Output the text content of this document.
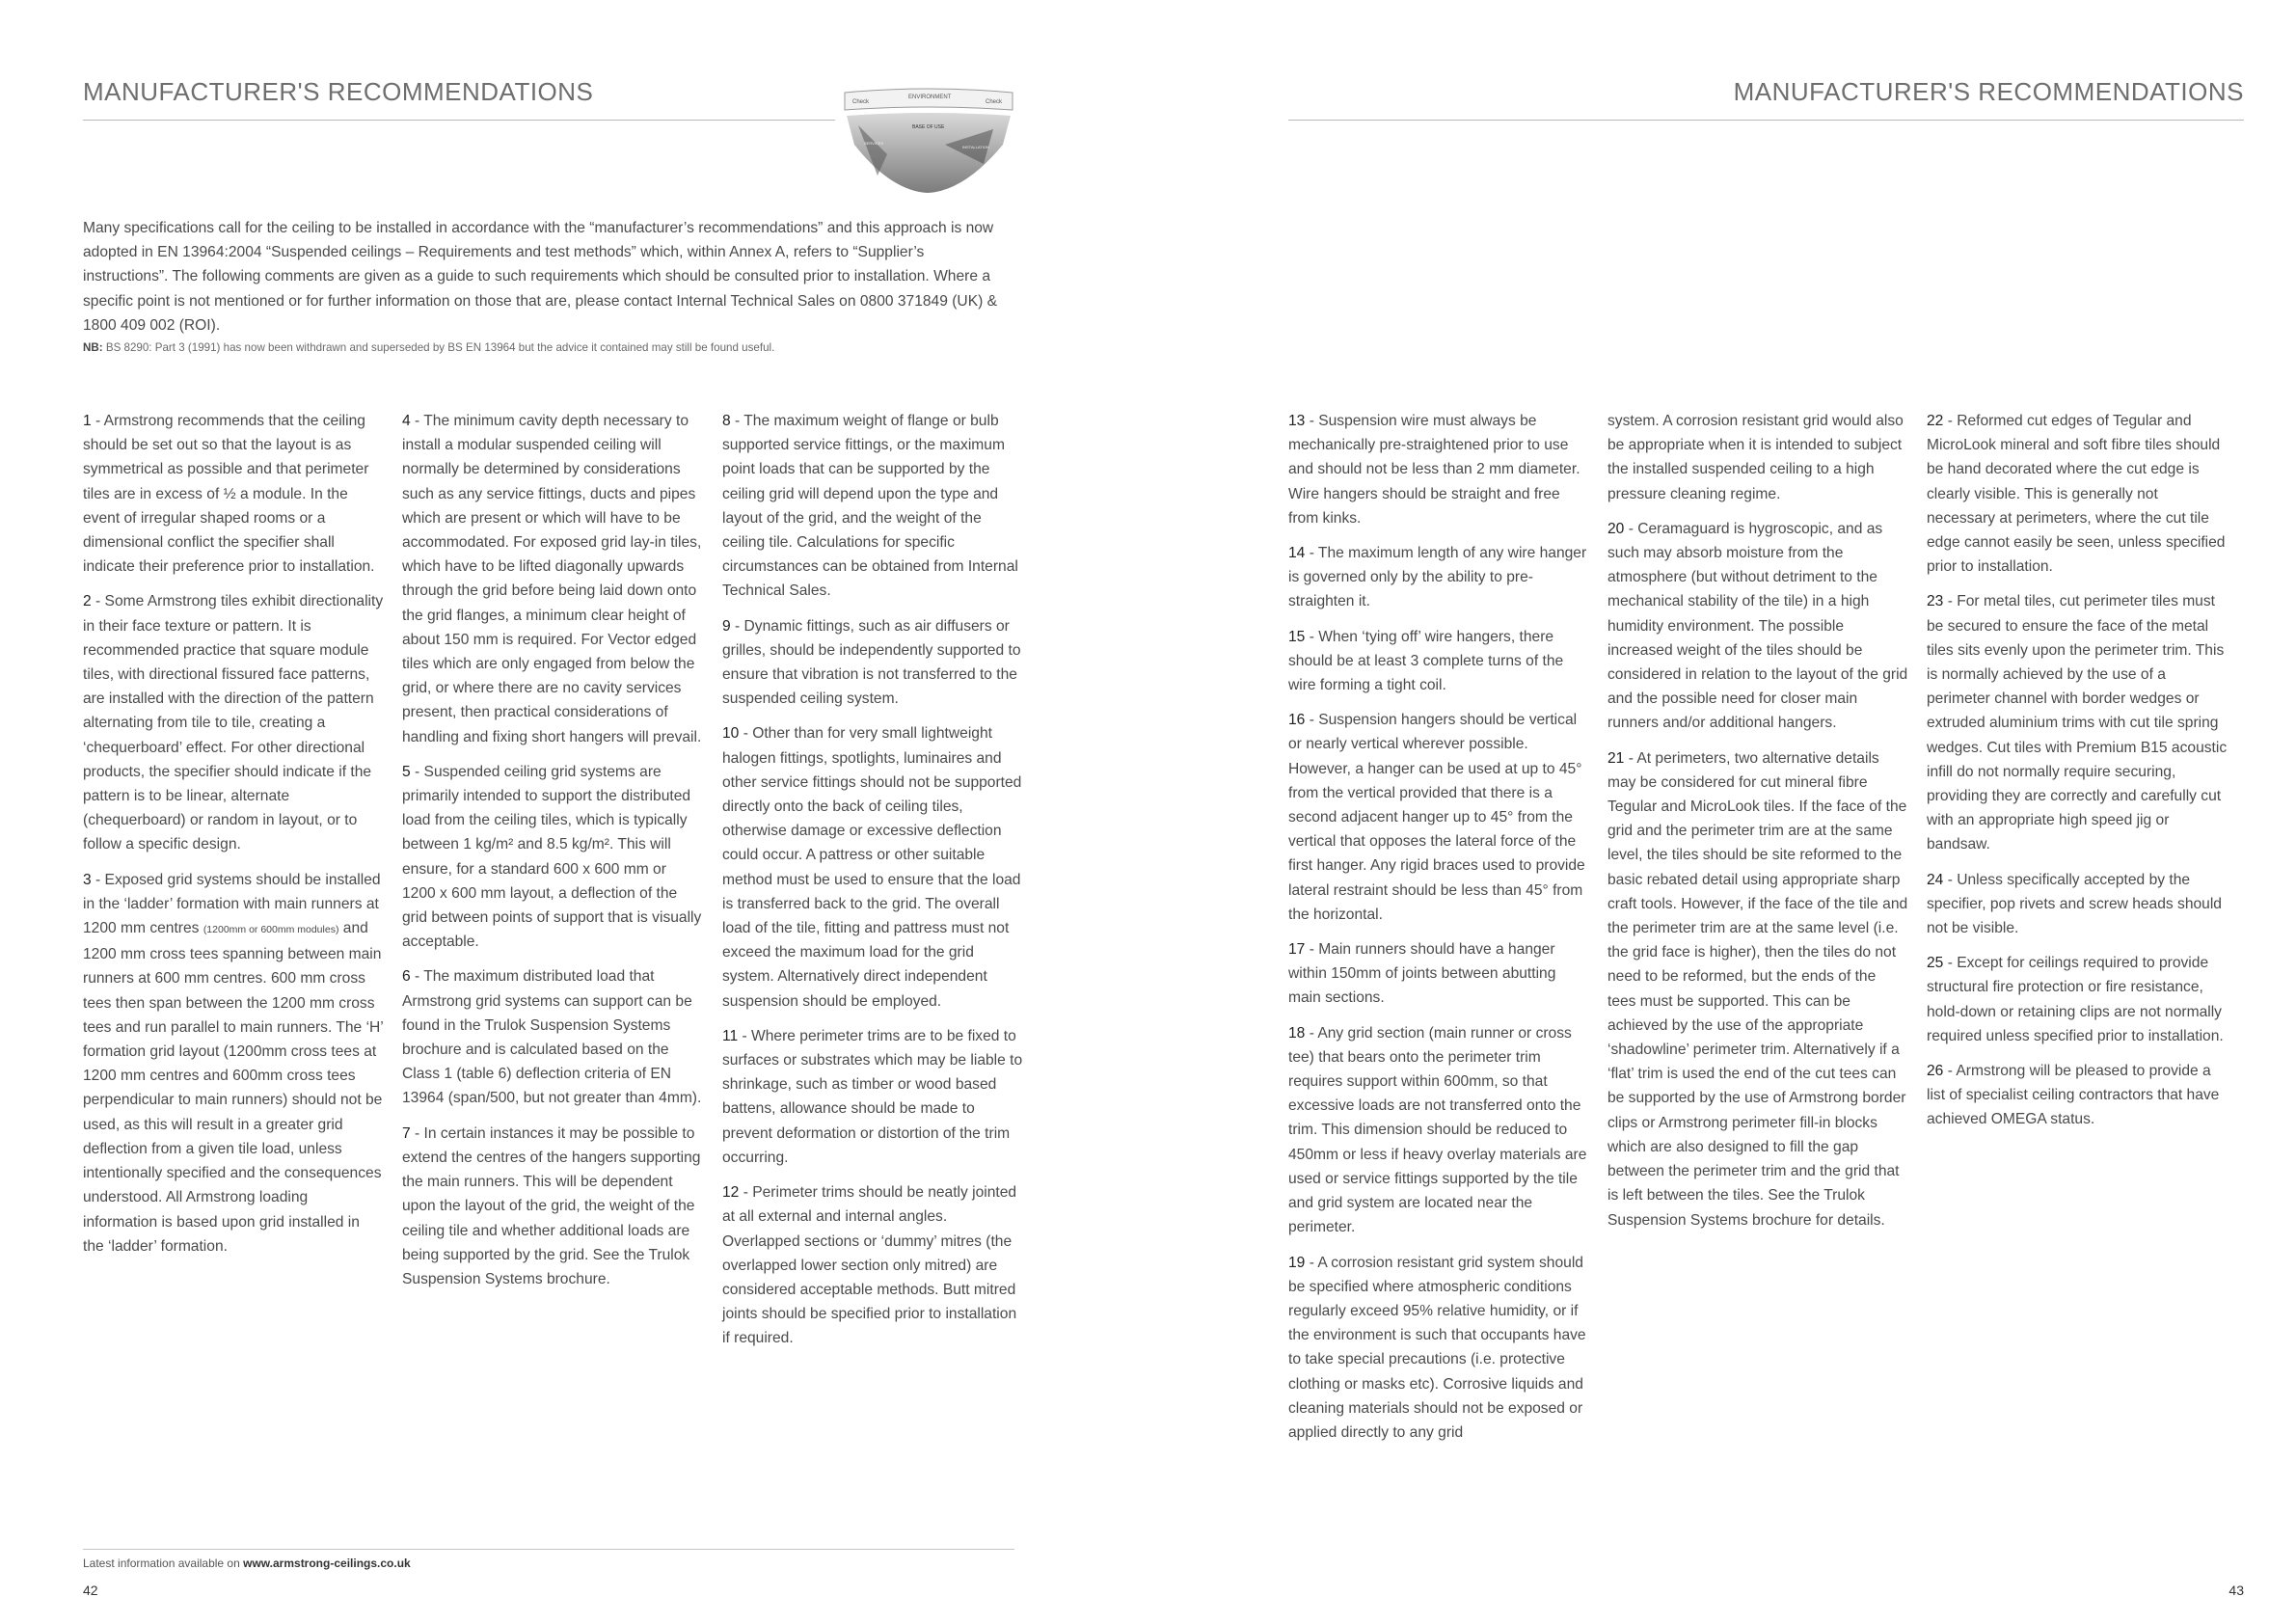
MANUFACTURER'S RECOMMENDATIONS	Check
ENVIRONMENT
Check
BASE OF USE
SERVICES
INSTALLATION

Many specifications call for the ceiling to be installed in accordance with the “manufacturer’s recommendations” and this approach is now adopted in EN 13964:2004 “Suspended ceilings – Requirements and test methods” which, within Annex A, refers to “Supplier’s instructions”. The following comments are given as a guide to such requirements which should be consulted prior to installation. Where a specific point is not mentioned or for further information on those that are, please contact Internal Technical Sales on 0800 371849 (UK) & 1800 409 002 (ROI).

NB: BS 8290: Part 3 (1991) has now been withdrawn and superseded by BS EN 13964 but the advice it contained may still be found useful.

1 - Armstrong recommends that the ceiling should be set out so that the layout is as symmetrical as possible and that perimeter tiles are in excess of ½ a module. In the event of irregular shaped rooms or a dimensional conflict the specifier shall indicate their preference prior to installation.

2 - Some Armstrong tiles exhibit directionality in their face texture or pattern. It is recommended practice that square module tiles, with directional fissured face patterns, are installed with the direction of the pattern alternating from tile to tile, creating a ‘chequerboard’ effect. For other directional products, the specifier should indicate if the pattern is to be linear, alternate (chequerboard) or random in layout, or to follow a specific design.

3 - Exposed grid systems should be installed in the ‘ladder’ formation with main runners at 1200 mm centres (1200mm or 600mm modules) and 1200 mm cross tees spanning between main runners at 600 mm centres. 600 mm cross tees then span between the 1200 mm cross tees and run parallel to main runners. The ‘H’ formation grid layout (1200mm cross tees at 1200 mm centres and 600mm cross tees perpendicular to main runners) should not be used, as this will result in a greater grid deflection from a given tile load, unless intentionally specified and the consequences understood. All Armstrong loading information is based upon grid installed in the ‘ladder’ formation.

4 - The minimum cavity depth necessary to install a modular suspended ceiling will normally be determined by considerations such as any service fittings, ducts and pipes which are present or which will have to be accommodated. For exposed grid lay-in tiles, which have to be lifted diagonally upwards through the grid before being laid down onto the grid flanges, a minimum clear height of about 150 mm is required. For Vector edged tiles which are only engaged from below the grid, or where there are no cavity services present, then practical considerations of handling and fixing short hangers will prevail.

5 - Suspended ceiling grid systems are primarily intended to support the distributed load from the ceiling tiles, which is typically between 1 kg/m² and 8.5 kg/m². This will ensure, for a standard 600 x 600 mm or 1200 x 600 mm layout, a deflection of the grid between points of support that is visually acceptable.

6 - The maximum distributed load that Armstrong grid systems can support can be found in the Trulok Suspension Systems brochure and is calculated based on the Class 1 (table 6) deflection criteria of EN 13964 (span/500, but not greater than 4mm).

7 - In certain instances it may be possible to extend the centres of the hangers supporting the main runners. This will be dependent upon the layout of the grid, the weight of the ceiling tile and whether additional loads are being supported by the grid. See the Trulok Suspension Systems brochure.

8 - The maximum weight of flange or bulb supported service fittings, or the maximum point loads that can be supported by the ceiling grid will depend upon the type and layout of the grid, and the weight of the ceiling tile. Calculations for specific circumstances can be obtained from Internal Technical Sales.

9 - Dynamic fittings, such as air diffusers or grilles, should be independently supported to ensure that vibration is not transferred to the suspended ceiling system.

10 - Other than for very small lightweight halogen fittings, spotlights, luminaires and other service fittings should not be supported directly onto the back of ceiling tiles, otherwise damage or excessive deflection could occur. A pattress or other suitable method must be used to ensure that the load is transferred back to the grid. The overall load of the tile, fitting and pattress must not exceed the maximum load for the grid system. Alternatively direct independent suspension should be employed.

11 - Where perimeter trims are to be fixed to surfaces or substrates which may be liable to shrinkage, such as timber or wood based battens, allowance should be made to prevent deformation or distortion of the trim occurring.

12 - Perimeter trims should be neatly jointed at all external and internal angles. Overlapped sections or ‘dummy’ mitres (the overlapped lower section only mitred) are considered acceptable methods. Butt mitred joints should be specified prior to installation if required.

Latest information available on www.armstrong-ceilings.co.uk
42
MANUFACTURER'S RECOMMENDATIONS

13 - Suspension wire must always be mechanically pre-straightened prior to use and should not be less than 2 mm diameter. Wire hangers should be straight and free from kinks.

14 - The maximum length of any wire hanger is governed only by the ability to pre-straighten it.

15 - When ‘tying off’ wire hangers, there should be at least 3 complete turns of the wire forming a tight coil.

16 - Suspension hangers should be vertical or nearly vertical wherever possible. However, a hanger can be used at up to 45° from the vertical provided that there is a second adjacent hanger up to 45° from the vertical that opposes the lateral force of the first hanger. Any rigid braces used to provide lateral restraint should be less than 45° from the horizontal.

17 - Main runners should have a hanger within 150mm of joints between abutting main sections.

18 - Any grid section (main runner or cross tee) that bears onto the perimeter trim requires support within 600mm, so that excessive loads are not transferred onto the trim. This dimension should be reduced to 450mm or less if heavy overlay materials are used or service fittings supported by the tile and grid system are located near the perimeter.

19 - A corrosion resistant grid system should be specified where atmospheric conditions regularly exceed 95% relative humidity, or if the environment is such that occupants have to take special precautions (i.e. protective clothing or masks etc). Corrosive liquids and cleaning materials should not be exposed or applied directly to any grid

system. A corrosion resistant grid would also be appropriate when it is intended to subject the installed suspended ceiling to a high pressure cleaning regime.

20 - Ceramaguard is hygroscopic, and as such may absorb moisture from the atmosphere (but without detriment to the mechanical stability of the tile) in a high humidity environment. The possible increased weight of the tiles should be considered in relation to the layout of the grid and the possible need for closer main runners and/or additional hangers.

21 - At perimeters, two alternative details may be considered for cut mineral fibre Tegular and MicroLook tiles. If the face of the grid and the perimeter trim are at the same level, the tiles should be site reformed to the basic rebated detail using appropriate sharp craft tools. However, if the face of the tile and the perimeter trim are at the same level (i.e. the grid face is higher), then the tiles do not need to be reformed, but the ends of the tees must be supported. This can be achieved by the use of the appropriate ‘shadowline’ perimeter trim. Alternatively if a ‘flat’ trim is used the end of the cut tees can be supported by the use of Armstrong border clips or Armstrong perimeter fill-in blocks which are also designed to fill the gap between the perimeter trim and the grid that is left between the tiles. See the Trulok Suspension Systems brochure for details.

22 - Reformed cut edges of Tegular and MicroLook mineral and soft fibre tiles should be hand decorated where the cut edge is clearly visible. This is generally not necessary at perimeters, where the cut tile edge cannot easily be seen, unless specified prior to installation.

23 - For metal tiles, cut perimeter tiles must be secured to ensure the face of the metal tiles sits evenly upon the perimeter trim. This is normally achieved by the use of a perimeter channel with border wedges or extruded aluminium trims with cut tile spring wedges. Cut tiles with Premium B15 acoustic infill do not normally require securing, providing they are correctly and carefully cut with an appropriate high speed jig or bandsaw.

24 - Unless specifically accepted by the specifier, pop rivets and screw heads should not be visible.

25 - Except for ceilings required to provide structural fire protection or fire resistance, hold-down or retaining clips are not normally required unless specified prior to installation.

26 - Armstrong will be pleased to provide a list of specialist ceiling contractors that have achieved OMEGA status.

43
